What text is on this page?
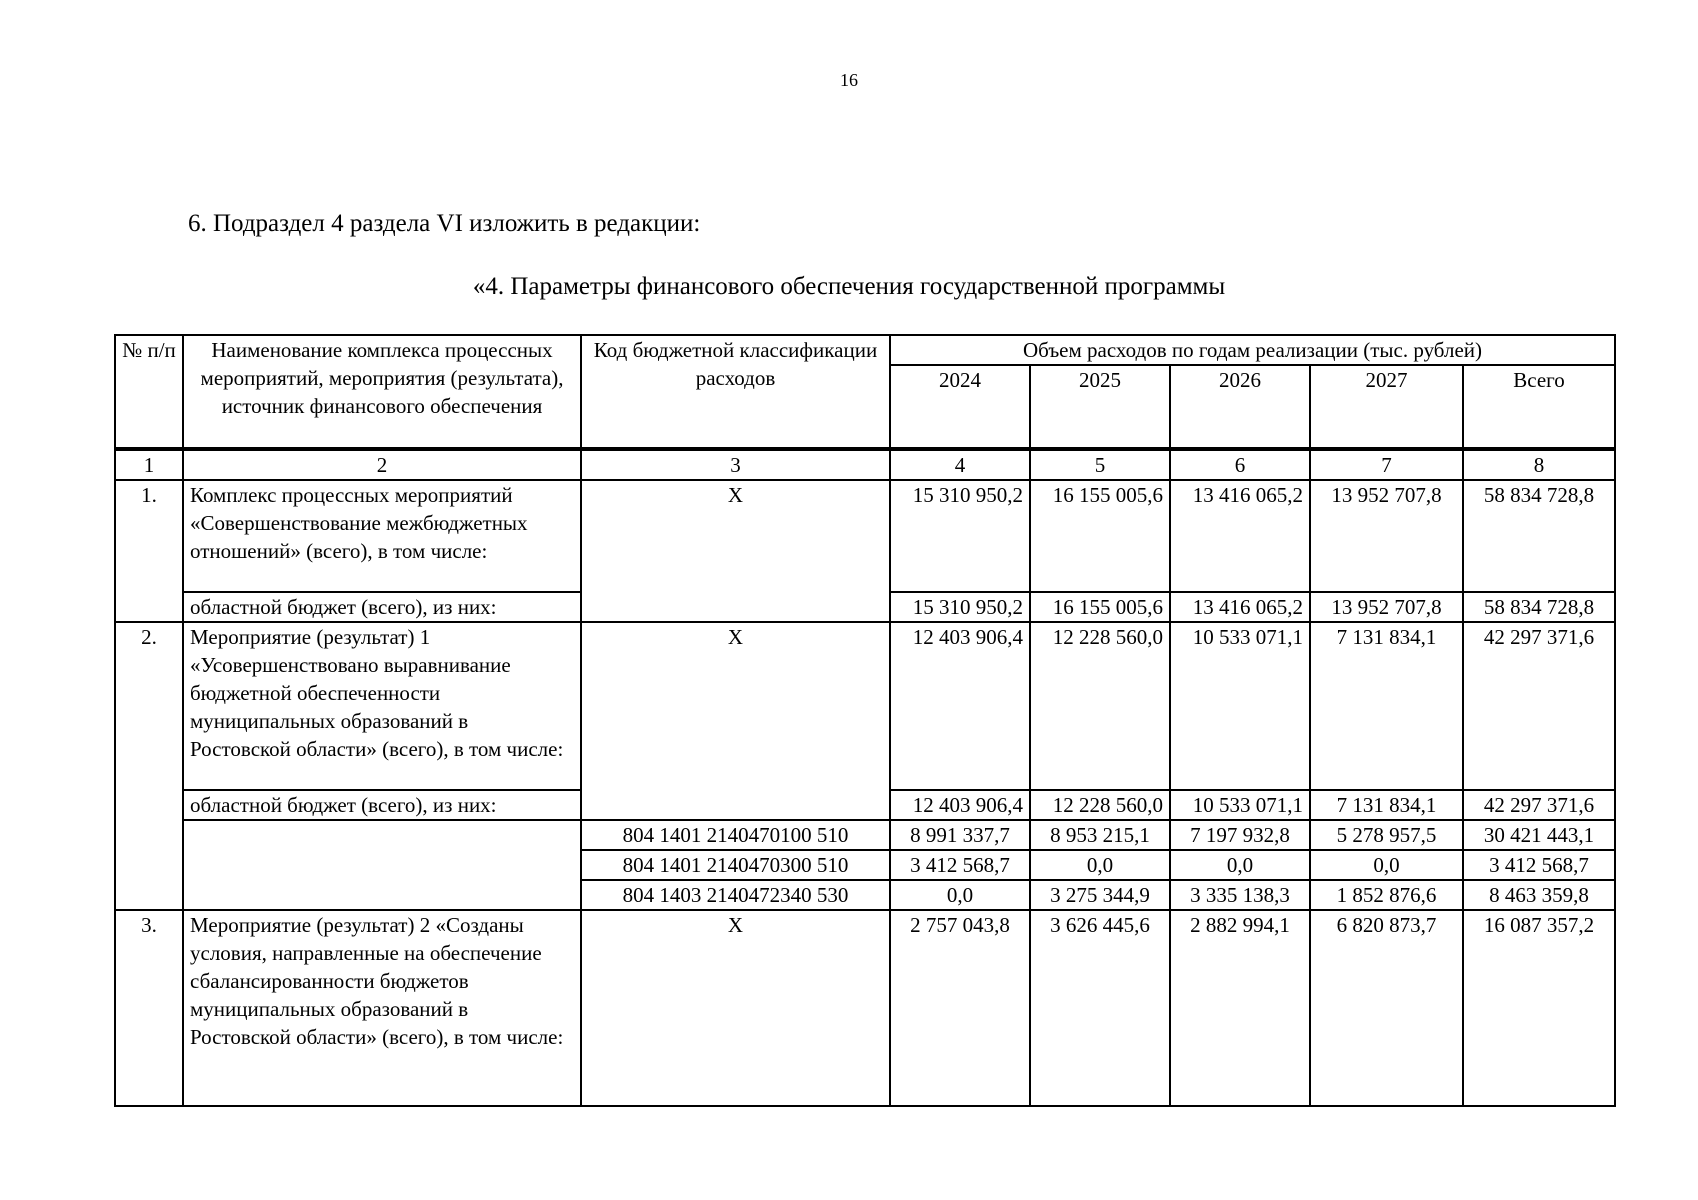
16
6. Подраздел 4 раздела VI изложить в редакции:
«4. Параметры финансового обеспечения государственной программы
№ п/п	Наименование комплекса процессных мероприятий, мероприятия (результата), источник финансового обеспечения	Код бюджетной классификации расходов	Объем расходов по годам реализации (тыс. рублей)				
			2024	2025	2026	2027	Всего
1	2	3	4	5	6	7	8
1.	Комплекс процессных мероприятий «Совершенствование межбюджетных отношений» (всего), в том числе:	X	15 310 950,2	16 155 005,6	13 416 065,2	13 952 707,8	58 834 728,8
	областной бюджет (всего), из них:		15 310 950,2	16 155 005,6	13 416 065,2	13 952 707,8	58 834 728,8
2.	Мероприятие (результат) 1 «Усовершенствовано выравнивание бюджетной обеспеченности муниципальных образований в Ростовской области» (всего), в том числе:	X	12 403 906,4	12 228 560,0	10 533 071,1	7 131 834,1	42 297 371,6
	областной бюджет (всего), из них:		12 403 906,4	12 228 560,0	10 533 071,1	7 131 834,1	42 297 371,6
		804 1401 2140470100 510	8 991 337,7	8 953 215,1	7 197 932,8	5 278 957,5	30 421 443,1
		804 1401 2140470300 510	3 412 568,7	0,0	0,0	0,0	3 412 568,7
		804 1403 2140472340 530	0,0	3 275 344,9	3 335 138,3	1 852 876,6	8 463 359,8
3.	Мероприятие (результат) 2 «Созданы условия, направленные на обеспечение сбалансированности бюджетов муниципальных образований в Ростовской области» (всего), в том числе:	X	2 757 043,8	3 626 445,6	2 882 994,1	6 820 873,7	16 087 357,2
